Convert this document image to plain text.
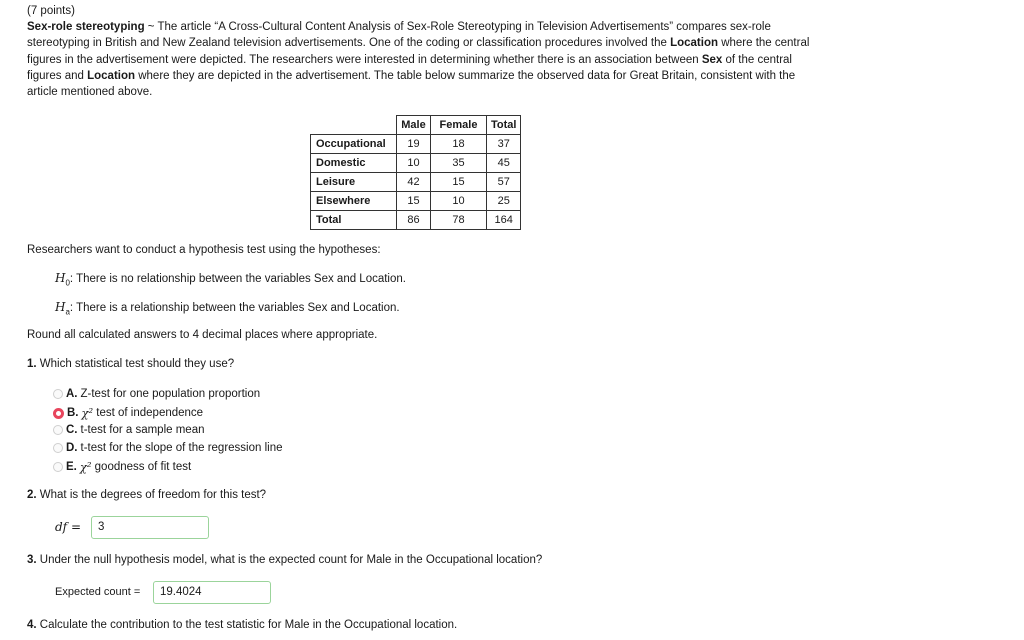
(7 points)
Sex-role stereotyping ~ The article “A Cross-Cultural Content Analysis of Sex-Role Stereotyping in Television Advertisements” compares sex-role stereotyping in British and New Zealand television advertisements. One of the coding or classification procedures involved the Location where the central figures in the advertisement were depicted. The researchers were interested in determining whether there is an association between Sex of the central figures and Location where they are depicted in the advertisement. The table below summarize the observed data for Great Britain, consistent with the article mentioned above.
	Male	Female	Total
Occupational	19	18	37
Domestic	10	35	45
Leisure	42	15	57
Elsewhere	15	10	25
Total	86	78	164
Researchers want to conduct a hypothesis test using the hypotheses:
$H_0$: There is no relationship between the variables Sex and Location.
$H_a$: There is a relationship between the variables Sex and Location.
Round all calculated answers to 4 decimal places where appropriate.
1. Which statistical test should they use?
A. Z-test for one population proportion
B. χ² test of independence
C. t-test for a sample mean
D. t-test for the slope of the regression line
E. χ² goodness of fit test
2. What is the degrees of freedom for this test?
df =	3
3. Under the null hypothesis model, what is the expected count for Male in the Occupational location?
Expected count =	19.4024
4. Calculate the contribution to the test statistic for Male in the Occupational location.
